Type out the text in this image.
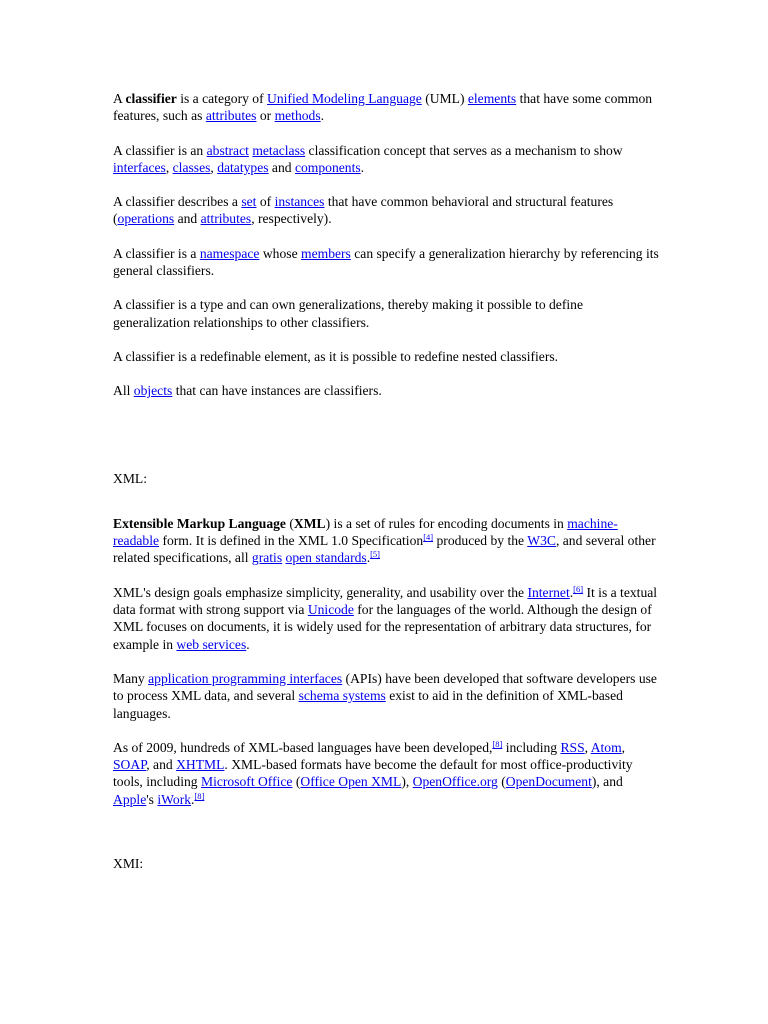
A classifier is a category of Unified Modeling Language (UML) elements that have some common features, such as attributes or methods.

A classifier is an abstract metaclass classification concept that serves as a mechanism to show interfaces, classes, datatypes and components.

A classifier describes a set of instances that have common behavioral and structural features (operations and attributes, respectively).

A classifier is a namespace whose members can specify a generalization hierarchy by referencing its general classifiers.

A classifier is a type and can own generalizations, thereby making it possible to define generalization relationships to other classifiers.

A classifier is a redefinable element, as it is possible to redefine nested classifiers.

All objects that can have instances are classifiers.

XML:

Extensible Markup Language (XML) is a set of rules for encoding documents in machine-readable form. It is defined in the XML 1.0 Specification[4] produced by the W3C, and several other related specifications, all gratis open standards.[5]

XML's design goals emphasize simplicity, generality, and usability over the Internet.[6] It is a textual data format with strong support via Unicode for the languages of the world. Although the design of XML focuses on documents, it is widely used for the representation of arbitrary data structures, for example in web services.

Many application programming interfaces (APIs) have been developed that software developers use to process XML data, and several schema systems exist to aid in the definition of XML-based languages.

As of 2009, hundreds of XML-based languages have been developed,[8] including RSS, Atom, SOAP, and XHTML. XML-based formats have become the default for most office-productivity tools, including Microsoft Office (Office Open XML), OpenOffice.org (OpenDocument), and Apple's iWork.[8]

XMI:
